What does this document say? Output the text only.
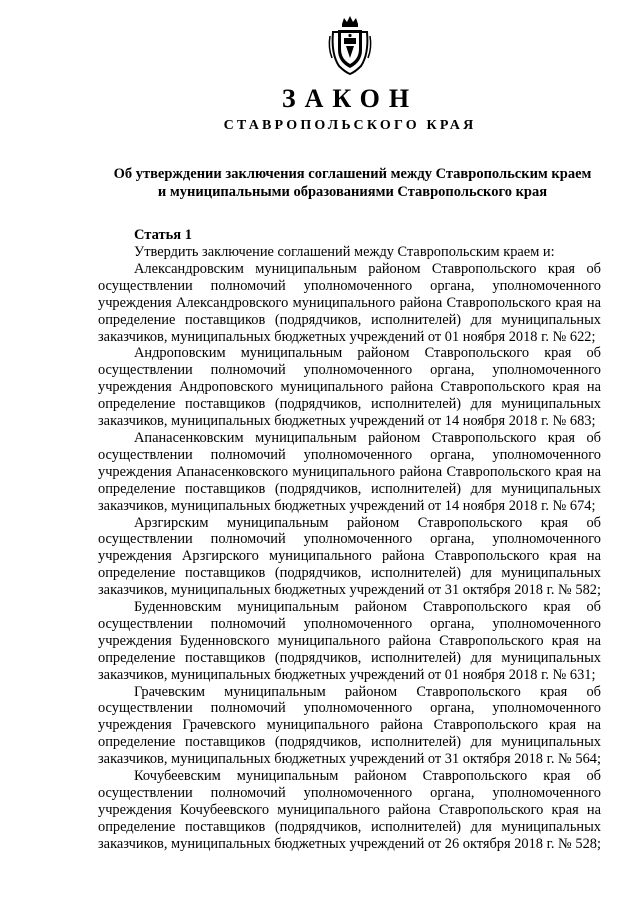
ЗАКОН
СТАВРОПОЛЬСКОГО КРАЯ
Об утверждении заключения соглашений между Ставропольским краем
и муниципальными образованиями Ставропольского края
Статья 1

Утвердить заключение соглашений между Ставропольским краем и:

Александровским муниципальным районом Ставропольского края об осуществлении полномочий уполномоченного органа, уполномоченного учреждения Александровского муниципального района Ставропольского края на определение поставщиков (подрядчиков, исполнителей) для муниципальных заказчиков, муниципальных бюджетных учреждений от 01 ноября 2018 г. № 622;

Андроповским муниципальным районом Ставропольского края об осуществлении полномочий уполномоченного органа, уполномоченного учреждения Андроповского муниципального района Ставропольского края на определение поставщиков (подрядчиков, исполнителей) для муниципальных заказчиков, муниципальных бюджетных учреждений от 14 ноября 2018 г. № 683;

Апанасенковским муниципальным районом Ставропольского края об осуществлении полномочий уполномоченного органа, уполномоченного учреждения Апанасенковского муниципального района Ставропольского края на определение поставщиков (подрядчиков, исполнителей) для муниципальных заказчиков, муниципальных бюджетных учреждений от 14 ноября 2018 г. № 674;

Арзгирским муниципальным районом Ставропольского края об осуществлении полномочий уполномоченного органа, уполномоченного учреждения Арзгирского муниципального района Ставропольского края на определение поставщиков (подрядчиков, исполнителей) для муниципальных заказчиков, муниципальных бюджетных учреждений от 31 октября 2018 г. № 582;

Буденновским муниципальным районом Ставропольского края об осуществлении полномочий уполномоченного органа, уполномоченного учреждения Буденновского муниципального района Ставропольского края на определение поставщиков (подрядчиков, исполнителей) для муниципальных заказчиков, муниципальных бюджетных учреждений от 01 ноября 2018 г. № 631;

Грачевским муниципальным районом Ставропольского края об осуществлении полномочий уполномоченного органа, уполномоченного учреждения Грачевского муниципального района Ставропольского края на определение поставщиков (подрядчиков, исполнителей) для муниципальных заказчиков, муниципальных бюджетных учреждений от 31 октября 2018 г. № 564;

Кочубеевским муниципальным районом Ставропольского края об осуществлении полномочий уполномоченного органа, уполномоченного учреждения Кочубеевского муниципального района Ставропольского края на определение поставщиков (подрядчиков, исполнителей) для муниципальных заказчиков, муниципальных бюджетных учреждений от 26 октября 2018 г. № 528;
